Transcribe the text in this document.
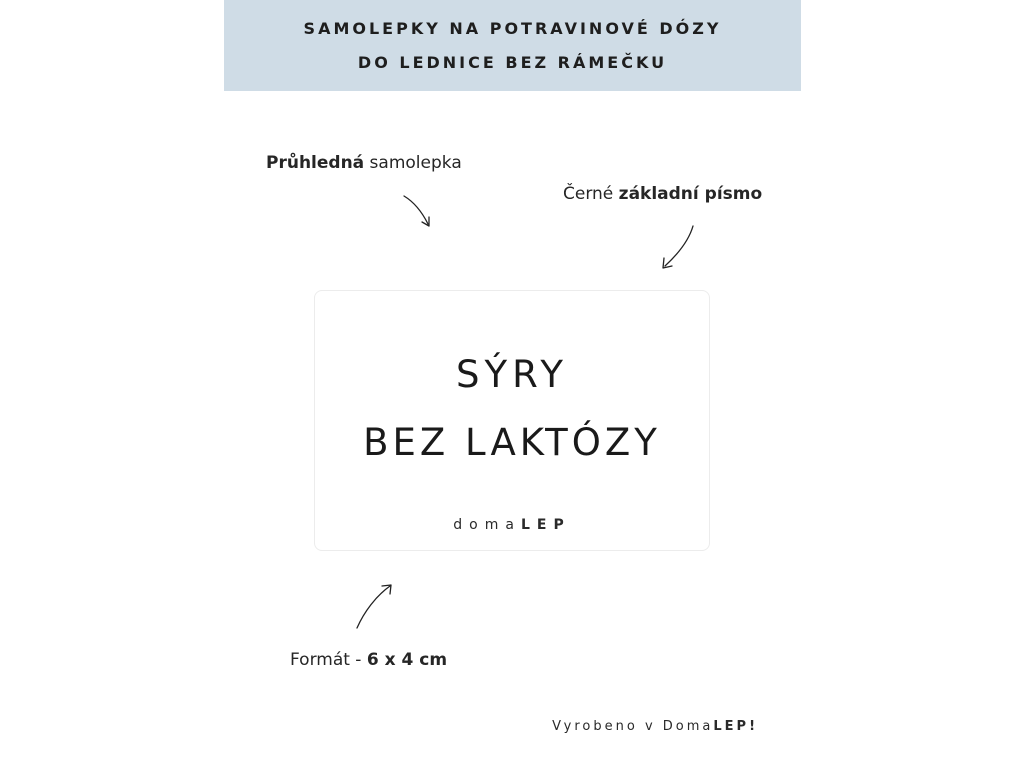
SAMOLEPKY NA POTRAVINOVÉ DÓZY
DO LEDNICE BEZ RÁMEČKU
Průhledná samolepka
Černé základní písmo
SÝRY
BEZ LAKTÓZY
domaLEP
Formát - 6 x 4 cm
Vyrobeno v DomaLEP!
